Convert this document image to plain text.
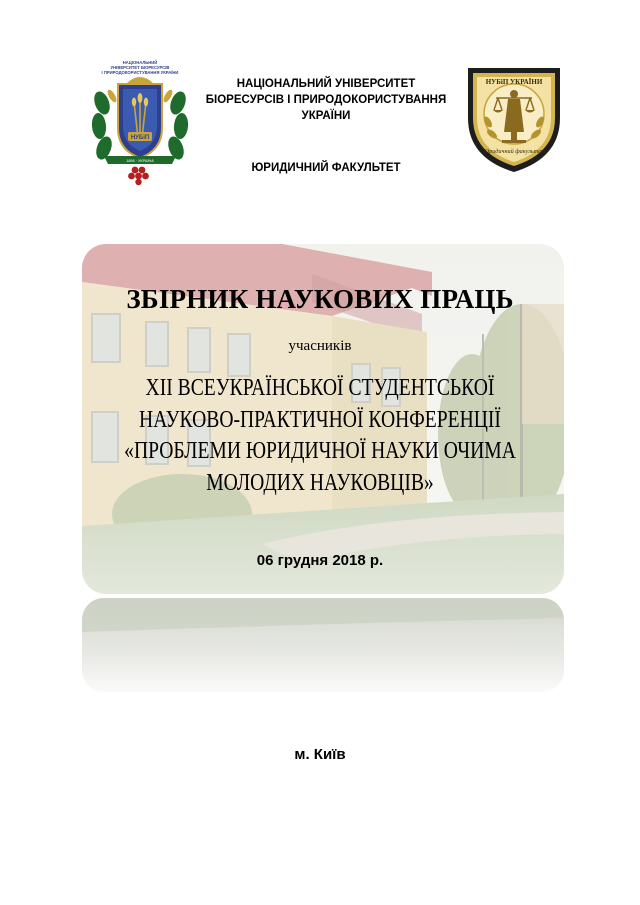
НАЦІОНАЛЬНИЙ
УНІВЕРСИТЕТ БІОРЕСУРСІВ
І ПРИРОДОКОРИСТУВАННЯ УКРАЇНИ
НУБіП
1898 · УКРАЇНА
НАЦІОНАЛЬНИЙ УНІВЕРСИТЕТ
БІОРЕСУРСІВ І ПРИРОДОКОРИСТУВАННЯ
УКРАЇНИ
ЮРИДИЧНИЙ ФАКУЛЬТЕТ
НУБіП УКРАЇНИ
Юридичний факультет
ЗБІРНИК НАУКОВИХ ПРАЦЬ
учасників
XII ВСЕУКРАЇНСЬКОЇ СТУДЕНТСЬКОЇ
НАУКОВО-ПРАКТИЧНОЇ КОНФЕРЕНЦІЇ
«ПРОБЛЕМИ ЮРИДИЧНОЇ НАУКИ ОЧИМА
МОЛОДИХ НАУКОВЦІВ»
06 грудня 2018 р.
м. Київ
